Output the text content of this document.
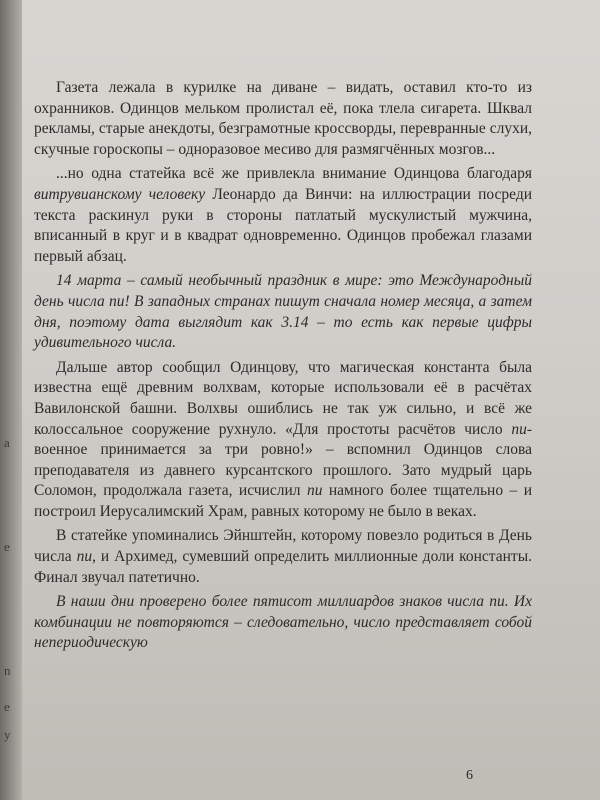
a
e
n
e
y

Газета лежала в курилке на диване – видать, оставил кто-то из охранников. Одинцов мельком пролистал её, пока тлела сигарета. Шквал рекламы, старые анекдоты, безграмотные кроссворды, перевранные слухи, скучные гороскопы – одноразовое месиво для размягчённых мозгов...

...но одна статейка всё же привлекла внимание Одинцова благодаря витрувианскому человеку Леонардо да Винчи: на иллюстрации посреди текста раскинул руки в стороны патлатый мускулистый мужчина, вписанный в круг и в квадрат одновременно. Одинцов пробежал глазами первый абзац.

14 марта – самый необычный праздник в мире: это Международный день числа пи! В западных странах пишут сначала номер месяца, а затем дня, поэтому дата выглядит как 3.14 – то есть как первые цифры удивительного числа.

Дальше автор сообщил Одинцову, что магическая константа была известна ещё древним волхвам, которые использовали её в расчётах Вавилонской башни. Волхвы ошиблись не так уж сильно, и всё же колоссальное сооружение рухнуло. «Для простоты расчётов число пи-военное принимается за три ровно!» – вспомнил Одинцов слова преподавателя из давнего курсантского прошлого. Зато мудрый царь Соломон, продолжала газета, исчислил пи намного более тщательно – и построил Иерусалимский Храм, равных которому не было в веках.

В статейке упоминались Эйнштейн, которому повезло родиться в День числа пи, и Архимед, сумевший определить миллионные доли константы. Финал звучал патетично.

В наши дни проверено более пятисот миллиардов знаков числа пи. Их комбинации не повторяются – следовательно, число представляет собой непериодическую

6
